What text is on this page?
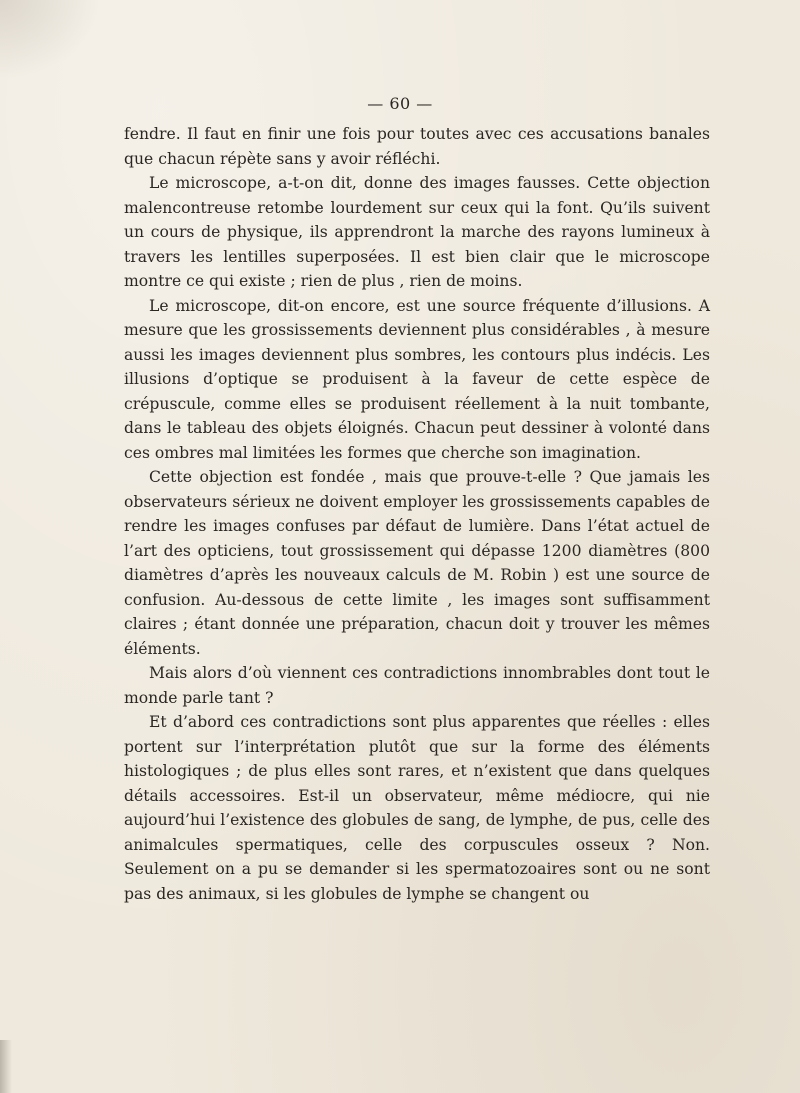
— 60 —

fendre. Il faut en finir une fois pour toutes avec ces accusations banales que chacun répète sans y avoir réfléchi.

Le microscope, a-t-on dit, donne des images fausses. Cette objection malencontreuse retombe lourdement sur ceux qui la font. Qu’ils suivent un cours de physique, ils apprendront la marche des rayons lumineux à travers les lentilles superposées. Il est bien clair que le microscope montre ce qui existe ; rien de plus , rien de moins.

Le microscope, dit-on encore, est une source fréquente d’illusions. A mesure que les grossissements deviennent plus considérables , à mesure aussi les images deviennent plus sombres, les contours plus indécis. Les illusions d’optique se produisent à la faveur de cette espèce de crépuscule, comme elles se produisent réellement à la nuit tombante, dans le tableau des objets éloignés. Chacun peut dessiner à volonté dans ces ombres mal limitées les formes que cherche son imagination.

Cette objection est fondée , mais que prouve-t-elle ? Que jamais les observateurs sérieux ne doivent employer les grossissements capables de rendre les images confuses par défaut de lumière. Dans l’état actuel de l’art des opticiens, tout grossissement qui dépasse 1200 diamètres (800 diamètres d’après les nouveaux calculs de M. Robin ) est une source de confusion. Au-dessous de cette limite , les images sont suffisamment claires ; étant donnée une préparation, chacun doit y trouver les mêmes éléments.

Mais alors d’où viennent ces contradictions innombrables dont tout le monde parle tant ?

Et d’abord ces contradictions sont plus apparentes que réelles : elles portent sur l’interprétation plutôt que sur la forme des éléments histologiques ; de plus elles sont rares, et n’existent que dans quelques détails accessoires. Est-il un observateur, même médiocre, qui nie aujourd’hui l’existence des globules de sang, de lymphe, de pus, celle des animalcules spermatiques, celle des corpuscules osseux ? Non. Seulement on a pu se demander si les spermatozoaires sont ou ne sont pas des animaux, si les globules de lymphe se changent ou
